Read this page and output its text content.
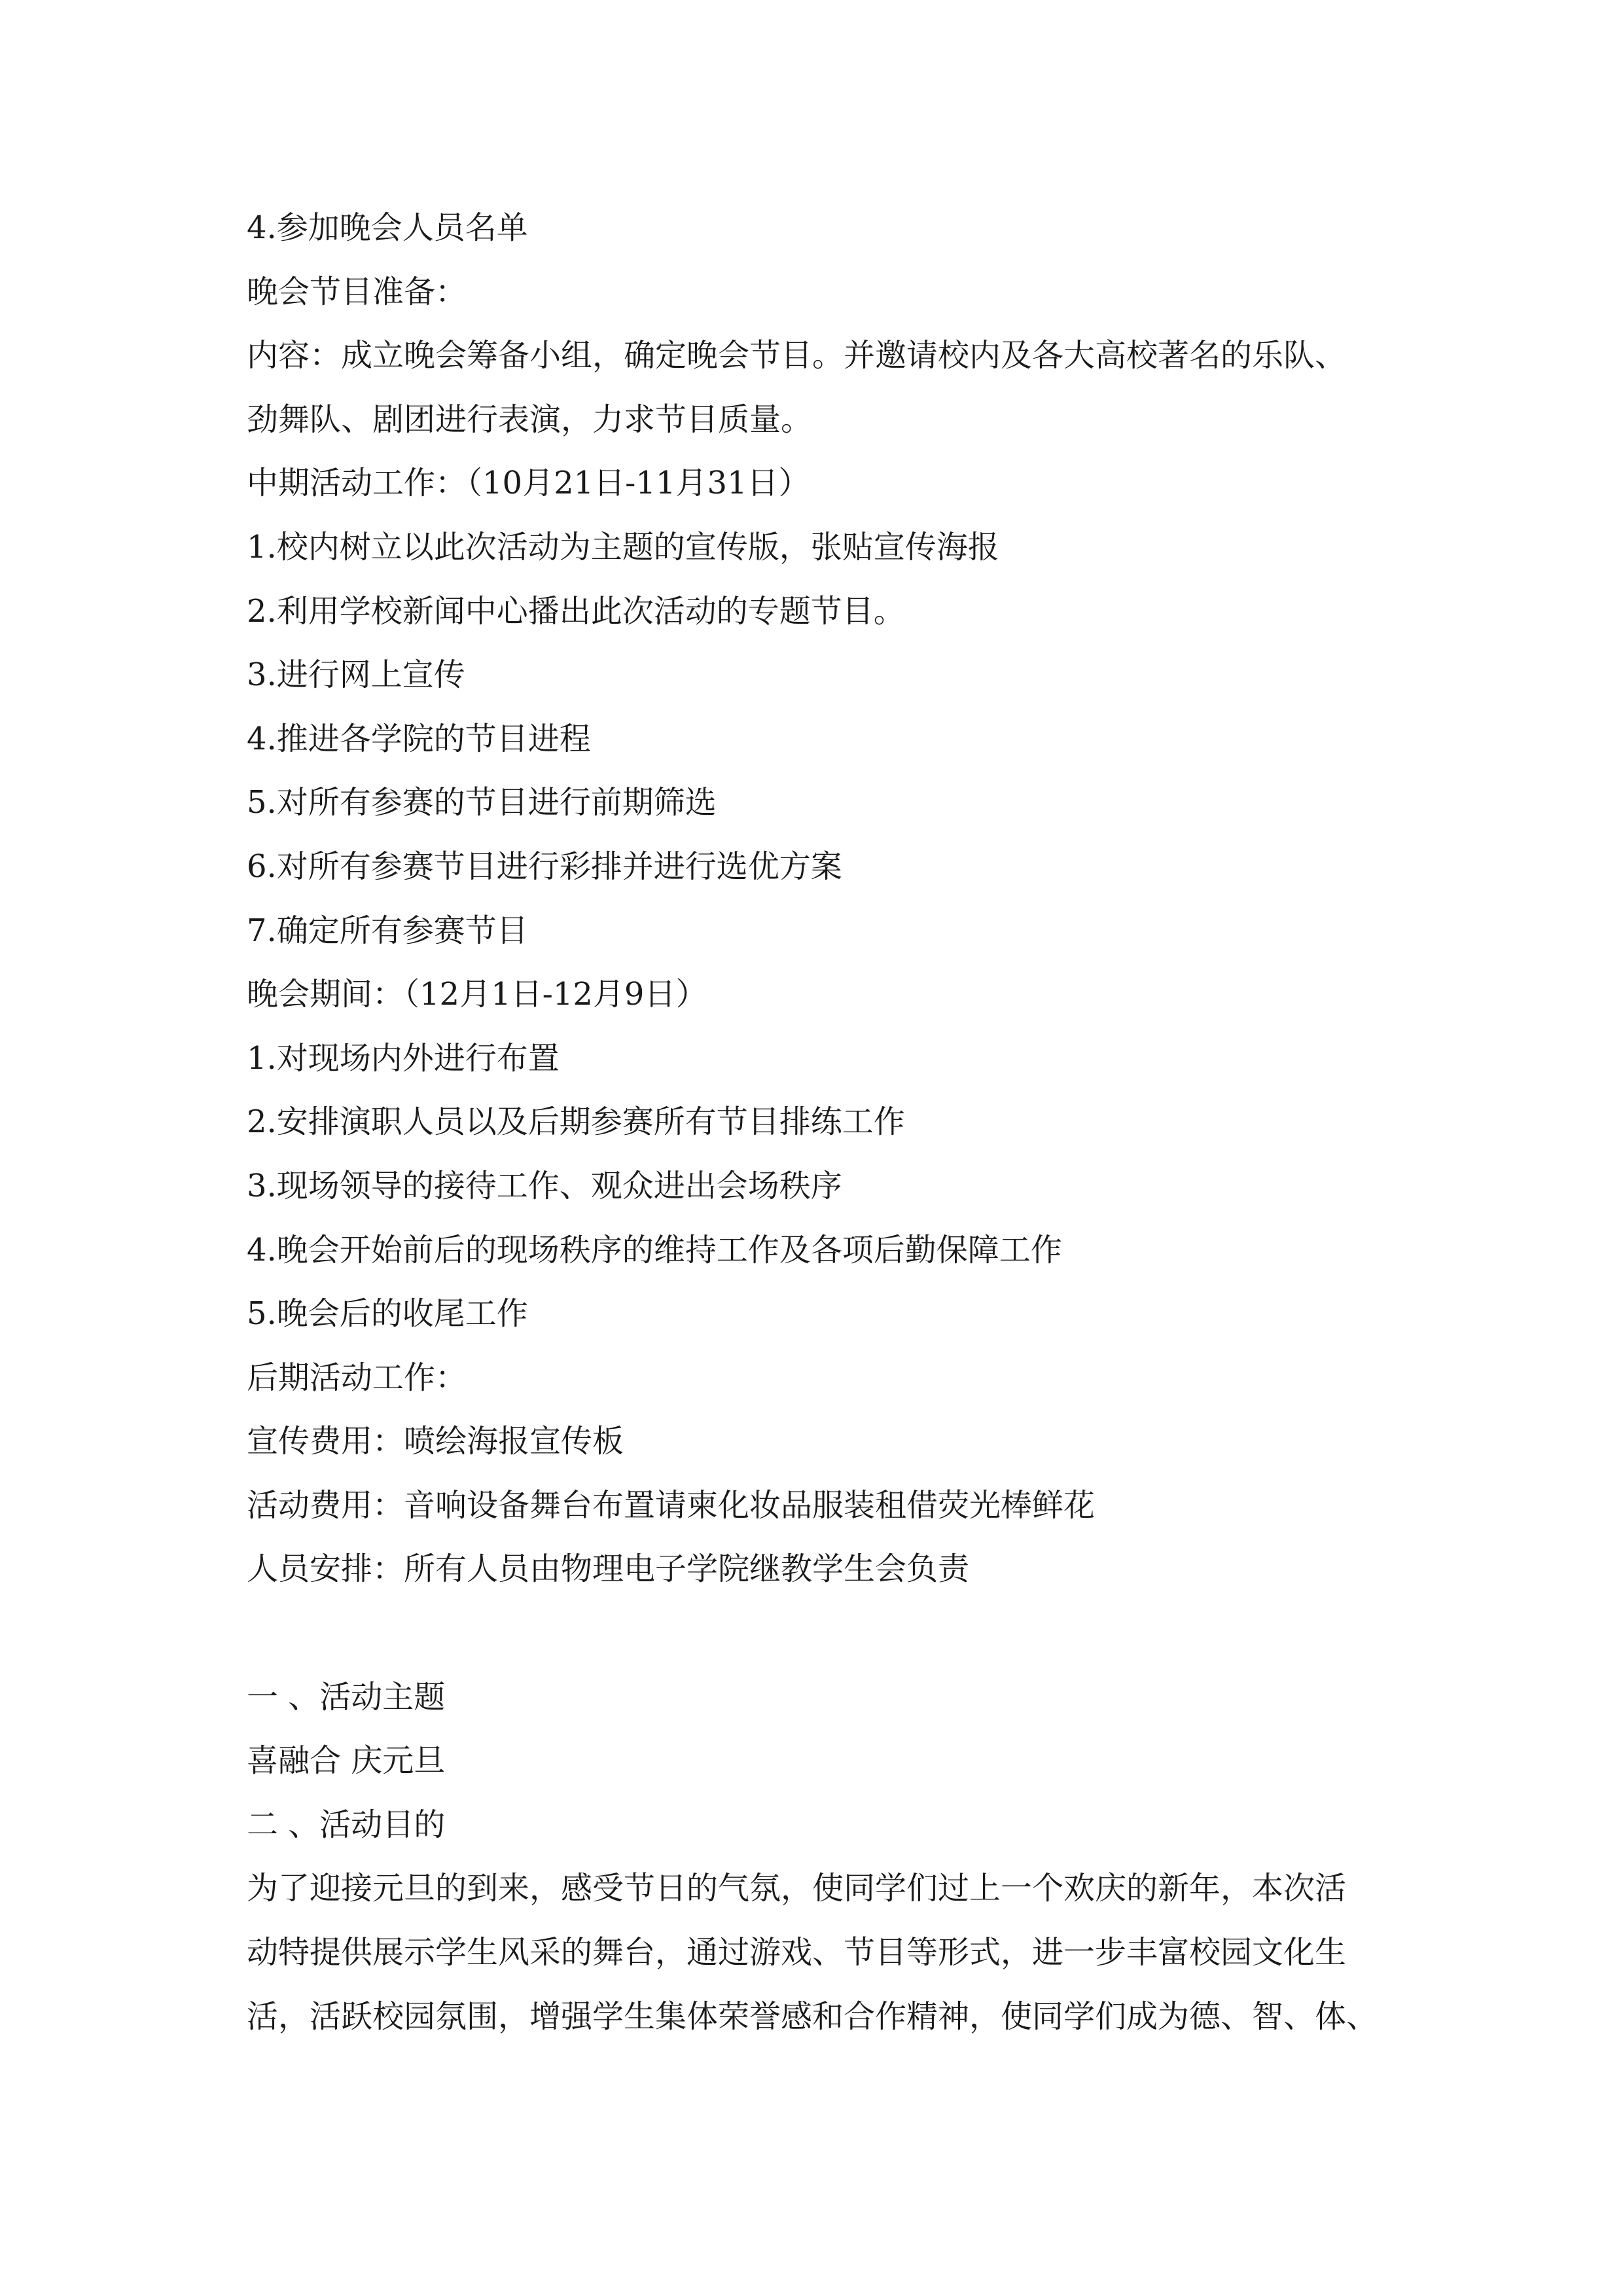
4.参加晚会人员名单
晚会节目准备：
内容：成立晚会筹备小组，确定晚会节目。并邀请校内及各大高校著名的乐队、
劲舞队、剧团进行表演，力求节目质量。
中期活动工作：（10月21日-11月31日）
1.校内树立以此次活动为主题的宣传版，张贴宣传海报
2.利用学校新闻中心播出此次活动的专题节目。
3.进行网上宣传
4.推进各学院的节目进程
5.对所有参赛的节目进行前期筛选
6.对所有参赛节目进行彩排并进行选优方案
7.确定所有参赛节目
晚会期间：（12月1日-12月9日）
1.对现场内外进行布置
2.安排演职人员以及后期参赛所有节目排练工作
3.现场领导的接待工作、观众进出会场秩序
4.晚会开始前后的现场秩序的维持工作及各项后勤保障工作
5.晚会后的收尾工作
后期活动工作：
宣传费用：喷绘海报宣传板
活动费用：音响设备舞台布置请柬化妆品服装租借荧光棒鲜花
人员安排：所有人员由物理电子学院继教学生会负责
一 、活动主题
喜融合 庆元旦
二 、活动目的
为了迎接元旦的到来，感受节日的气氛，使同学们过上一个欢庆的新年，本次活
动特提供展示学生风采的舞台，通过游戏、节目等形式，进一步丰富校园文化生
活，活跃校园氛围，增强学生集体荣誉感和合作精神，使同学们成为德、智、体、
